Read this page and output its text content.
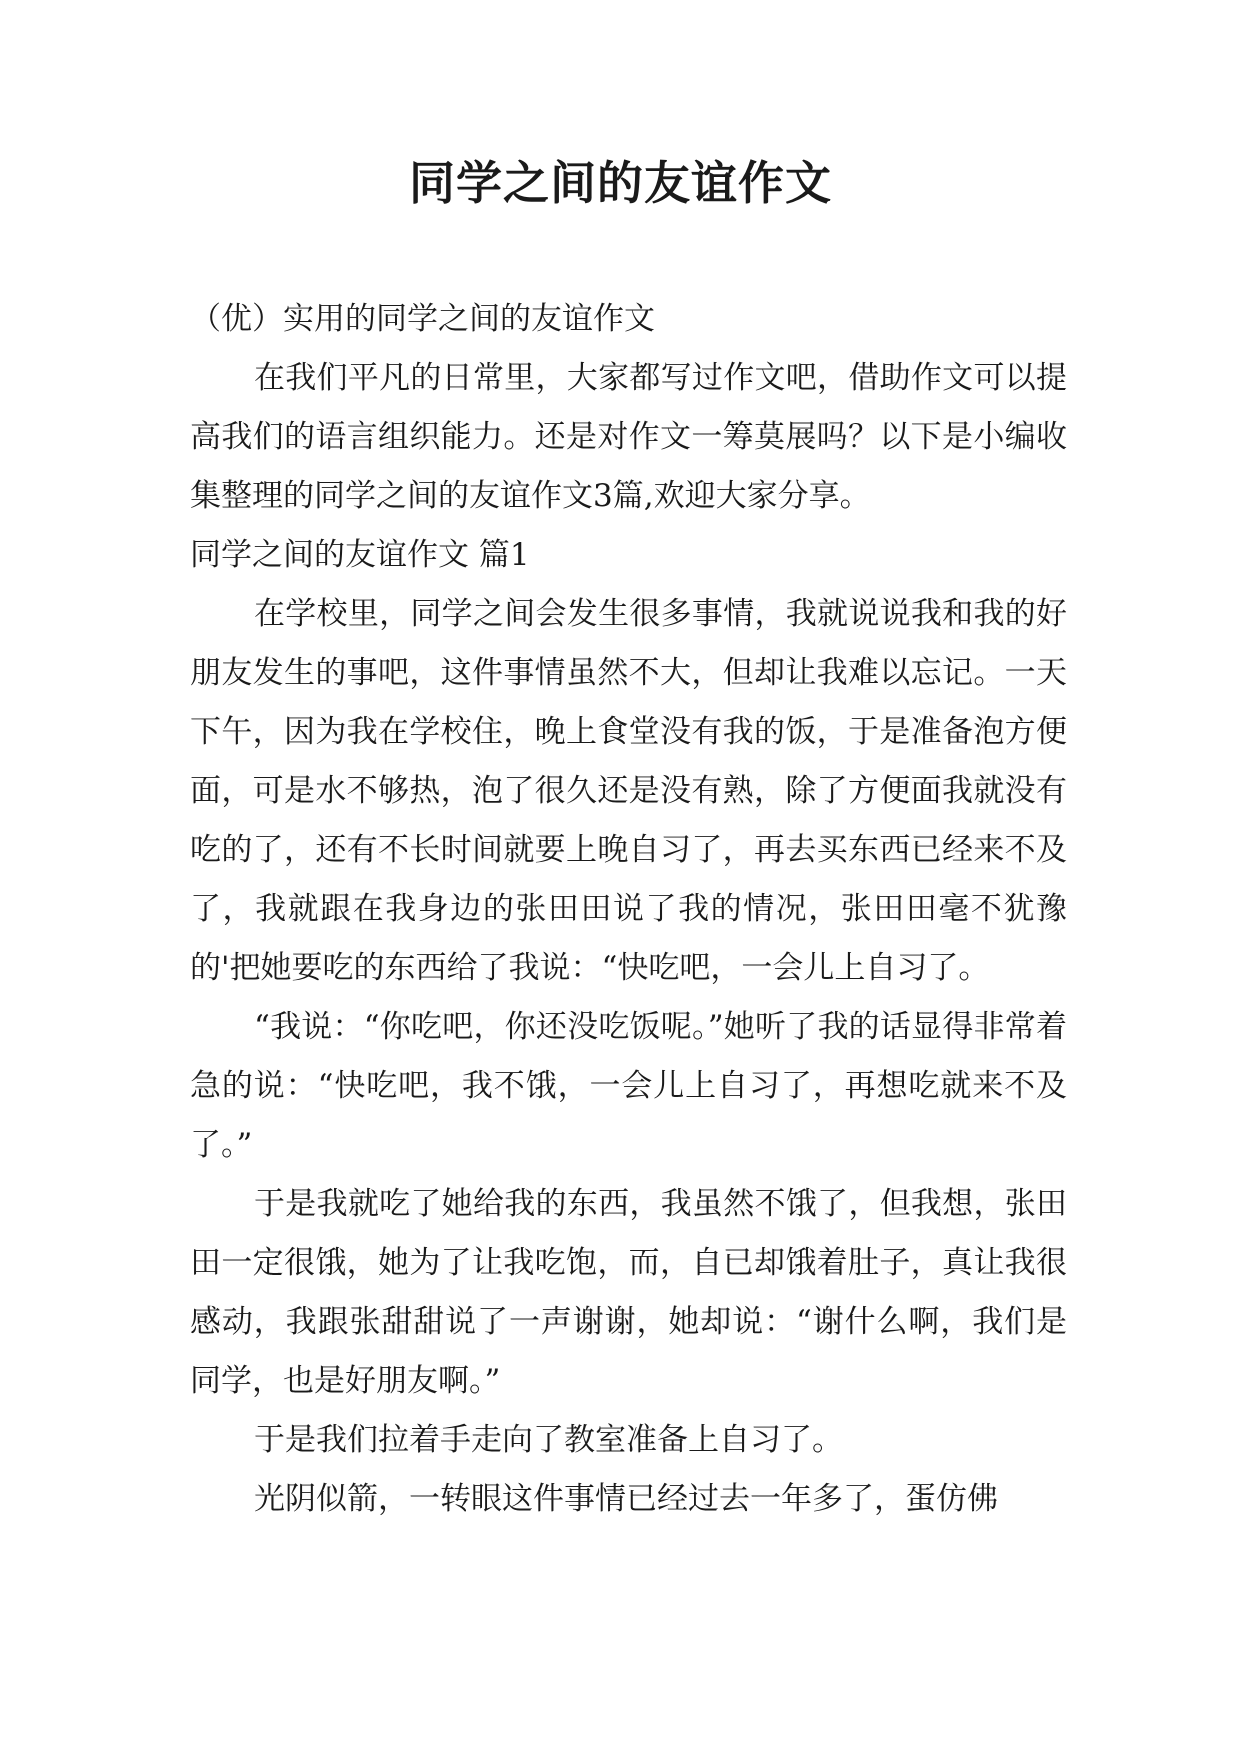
同学之间的友谊作文

（优）实用的同学之间的友谊作文

在我们平凡的日常里，大家都写过作文吧，借助作文可以提高我们的语言组织能力。还是对作文一筹莫展吗？以下是小编收集整理的同学之间的友谊作文3篇,欢迎大家分享。

同学之间的友谊作文 篇1

在学校里，同学之间会发生很多事情，我就说说我和我的好朋友发生的事吧，这件事情虽然不大，但却让我难以忘记。一天下午，因为我在学校住，晚上食堂没有我的饭，于是准备泡方便面，可是水不够热，泡了很久还是没有熟，除了方便面我就没有吃的了，还有不长时间就要上晚自习了，再去买东西已经来不及了，我就跟在我身边的张田田说了我的情况，张田田毫不犹豫的'把她要吃的东西给了我说：“快吃吧，一会儿上自习了。

“我说：“你吃吧，你还没吃饭呢。”她听了我的话显得非常着急的说：“快吃吧，我不饿，一会儿上自习了，再想吃就来不及了。”

于是我就吃了她给我的东西，我虽然不饿了，但我想，张田田一定很饿，她为了让我吃饱，而，自已却饿着肚子，真让我很感动，我跟张甜甜说了一声谢谢，她却说：“谢什么啊，我们是同学，也是好朋友啊。”

于是我们拉着手走向了教室准备上自习了。

光阴似箭，一转眼这件事情已经过去一年多了，蛋仿佛
